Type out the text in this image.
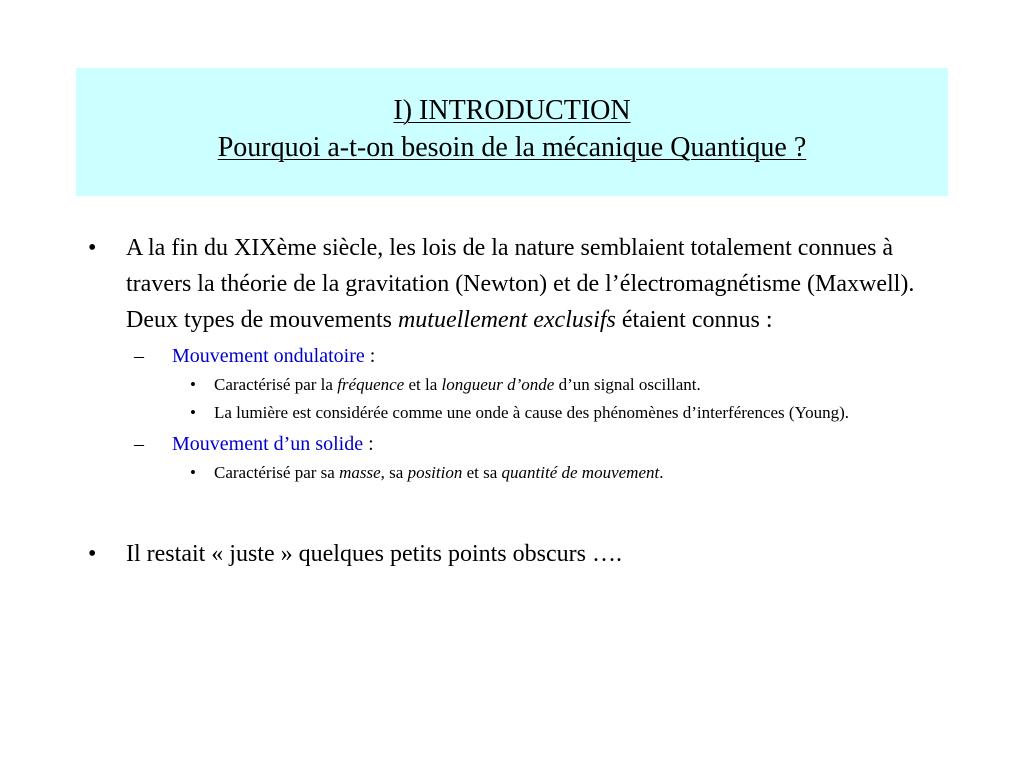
I) INTRODUCTION
Pourquoi a-t-on besoin de la mécanique Quantique ?
• A la fin du XIXème siècle, les lois de la nature semblaient totalement connues à travers la théorie de la gravitation (Newton) et de l’électromagnétisme (Maxwell). Deux types de mouvements mutuellement exclusifs étaient connus :
– Mouvement ondulatoire :
• Caractérisé par la fréquence et la longueur d’onde d’un signal oscillant.
• La lumière est considérée comme une onde à cause des phénomènes d’interférences (Young).
– Mouvement d’un solide :
• Caractérisé par sa masse, sa position et sa quantité de mouvement.
• Il restait « juste » quelques petits points obscurs ….
